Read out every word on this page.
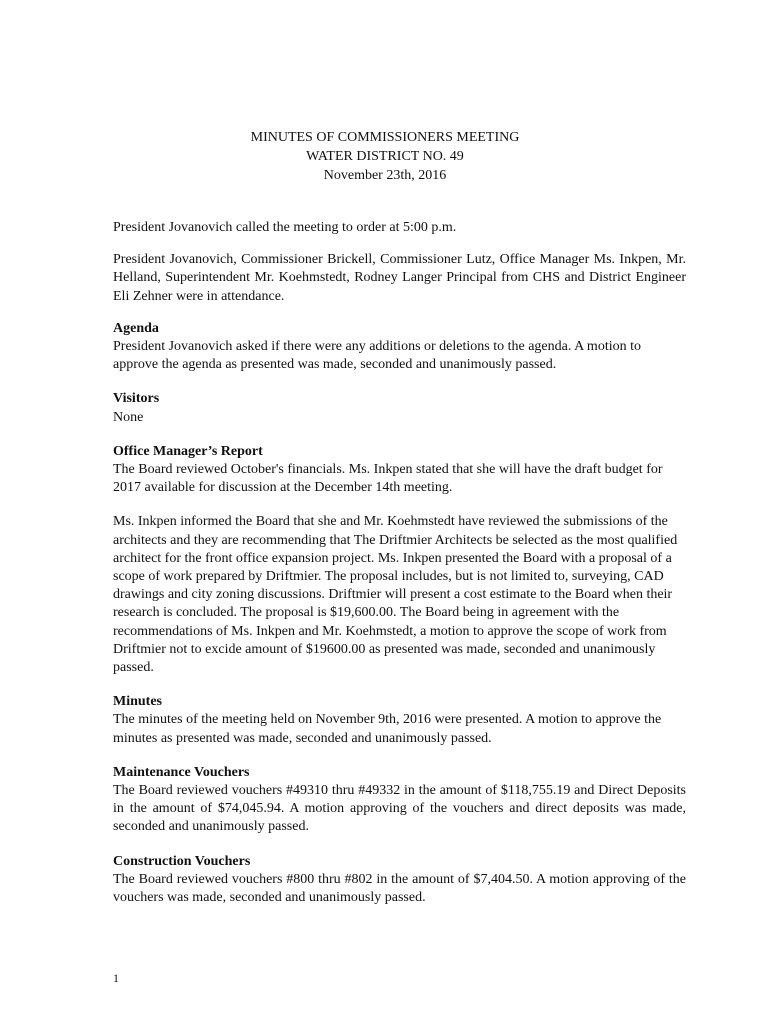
MINUTES OF COMMISSIONERS MEETING
WATER DISTRICT NO. 49
November 23th, 2016

President Jovanovich called the meeting to order at 5:00 p.m.

President Jovanovich, Commissioner Brickell, Commissioner Lutz, Office Manager Ms. Inkpen, Mr. Helland, Superintendent Mr. Koehmstedt, Rodney Langer Principal from CHS and District Engineer Eli Zehner were in attendance.

Agenda

President Jovanovich asked if there were any additions or deletions to the agenda. A motion to approve the agenda as presented was made, seconded and unanimously passed.

Visitors

None

Office Manager’s Report

The Board reviewed October's financials. Ms. Inkpen stated that she will have the draft budget for 2017 available for discussion at the December 14th meeting.

Ms. Inkpen informed the Board that she and Mr. Koehmstedt have reviewed the submissions of the architects and they are recommending that The Driftmier Architects be selected as the most qualified architect for the front office expansion project. Ms. Inkpen presented the Board with a proposal of a scope of work prepared by Driftmier. The proposal includes, but is not limited to, surveying, CAD drawings and city zoning discussions. Driftmier will present a cost estimate to the Board when their research is concluded. The proposal is $19,600.00. The Board being in agreement with the recommendations of Ms. Inkpen and Mr. Koehmstedt, a motion to approve the scope of work from Driftmier not to excide amount of $19600.00 as presented was made, seconded and unanimously passed.

Minutes

The minutes of the meeting held on November 9th, 2016 were presented. A motion to approve the minutes as presented was made, seconded and unanimously passed.

Maintenance Vouchers

The Board reviewed vouchers #49310 thru #49332 in the amount of $118,755.19 and Direct Deposits in the amount of $74,045.94. A motion approving of the vouchers and direct deposits was made, seconded and unanimously passed.

Construction Vouchers

The Board reviewed vouchers #800 thru #802 in the amount of $7,404.50. A motion approving of the vouchers was made, seconded and unanimously passed.

1
